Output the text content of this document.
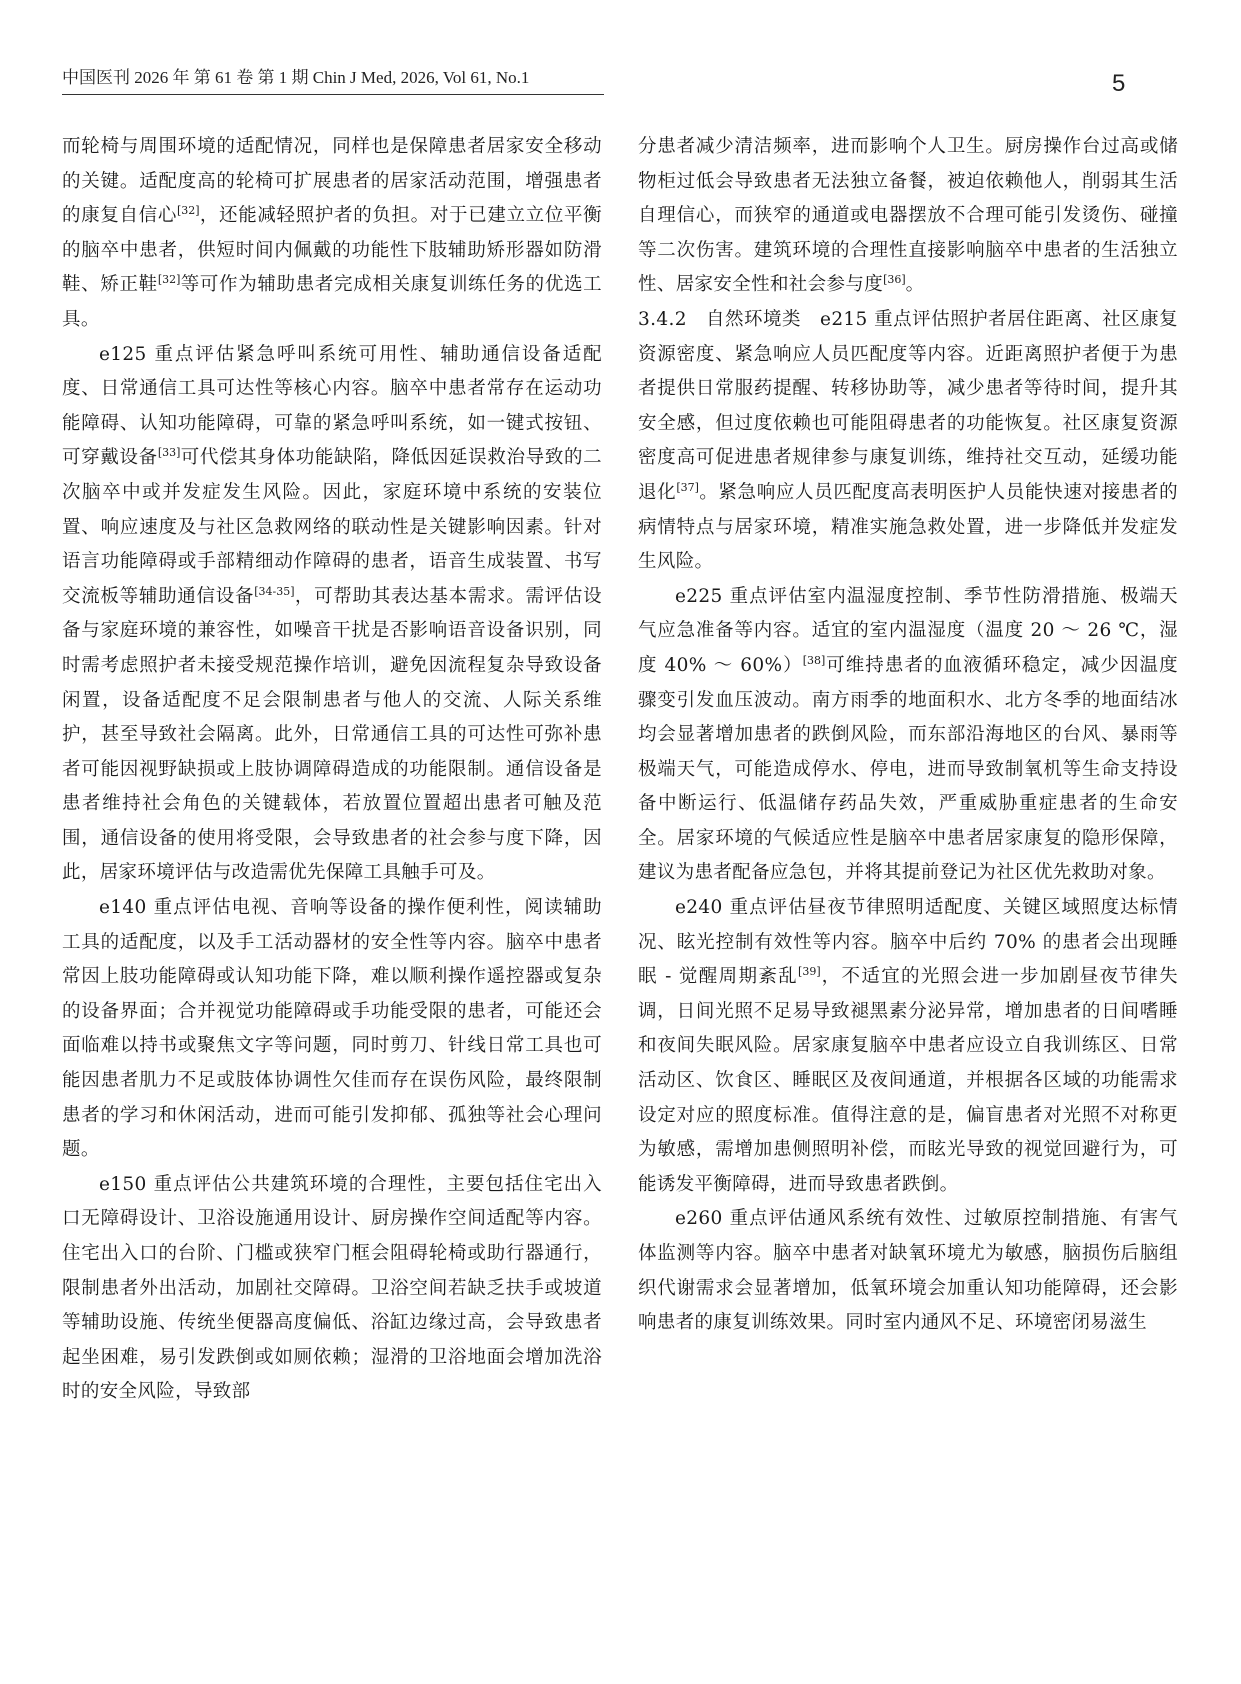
中国医刊 2026 年 第 61 卷 第 1 期 Chin J Med, 2026, Vol 61, No.1	5

而轮椅与周围环境的适配情况，同样也是保障患者居家安全移动的关键。适配度高的轮椅可扩展患者的居家活动范围，增强患者的康复自信心[32]，还能减轻照护者的负担。对于已建立立位平衡的脑卒中患者，供短时间内佩戴的功能性下肢辅助矫形器如防滑鞋、矫正鞋[32]等可作为辅助患者完成相关康复训练任务的优选工具。

e125 重点评估紧急呼叫系统可用性、辅助通信设备适配度、日常通信工具可达性等核心内容。脑卒中患者常存在运动功能障碍、认知功能障碍，可靠的紧急呼叫系统，如一键式按钮、可穿戴设备[33]可代偿其身体功能缺陷，降低因延误救治导致的二次脑卒中或并发症发生风险。因此，家庭环境中系统的安装位置、响应速度及与社区急救网络的联动性是关键影响因素。针对语言功能障碍或手部精细动作障碍的患者，语音生成装置、书写交流板等辅助通信设备[34-35]，可帮助其表达基本需求。需评估设备与家庭环境的兼容性，如噪音干扰是否影响语音设备识别，同时需考虑照护者未接受规范操作培训，避免因流程复杂导致设备闲置，设备适配度不足会限制患者与他人的交流、人际关系维护，甚至导致社会隔离。此外，日常通信工具的可达性可弥补患者可能因视野缺损或上肢协调障碍造成的功能限制。通信设备是患者维持社会角色的关键载体，若放置位置超出患者可触及范围，通信设备的使用将受限，会导致患者的社会参与度下降，因此，居家环境评估与改造需优先保障工具触手可及。

e140 重点评估电视、音响等设备的操作便利性，阅读辅助工具的适配度，以及手工活动器材的安全性等内容。脑卒中患者常因上肢功能障碍或认知功能下降，难以顺利操作遥控器或复杂的设备界面；合并视觉功能障碍或手功能受限的患者，可能还会面临难以持书或聚焦文字等问题，同时剪刀、针线日常工具也可能因患者肌力不足或肢体协调性欠佳而存在误伤风险，最终限制患者的学习和休闲活动，进而可能引发抑郁、孤独等社会心理问题。

e150 重点评估公共建筑环境的合理性，主要包括住宅出入口无障碍设计、卫浴设施通用设计、厨房操作空间适配等内容。住宅出入口的台阶、门槛或狭窄门框会阻碍轮椅或助行器通行，限制患者外出活动，加剧社交障碍。卫浴空间若缺乏扶手或坡道等辅助设施、传统坐便器高度偏低、浴缸边缘过高，会导致患者起坐困难，易引发跌倒或如厕依赖；湿滑的卫浴地面会增加洗浴时的安全风险，导致部

分患者减少清洁频率，进而影响个人卫生。厨房操作台过高或储物柜过低会导致患者无法独立备餐，被迫依赖他人，削弱其生活自理信心，而狭窄的通道或电器摆放不合理可能引发烫伤、碰撞等二次伤害。建筑环境的合理性直接影响脑卒中患者的生活独立性、居家安全性和社会参与度[36]。

3.4.2　自然环境类　e215 重点评估照护者居住距离、社区康复资源密度、紧急响应人员匹配度等内容。近距离照护者便于为患者提供日常服药提醒、转移协助等，减少患者等待时间，提升其安全感，但过度依赖也可能阻碍患者的功能恢复。社区康复资源密度高可促进患者规律参与康复训练，维持社交互动，延缓功能退化[37]。紧急响应人员匹配度高表明医护人员能快速对接患者的病情特点与居家环境，精准实施急救处置，进一步降低并发症发生风险。

e225 重点评估室内温湿度控制、季节性防滑措施、极端天气应急准备等内容。适宜的室内温湿度（温度 20 ～ 26 ℃，湿度 40% ～ 60%）[38]可维持患者的血液循环稳定，减少因温度骤变引发血压波动。南方雨季的地面积水、北方冬季的地面结冰均会显著增加患者的跌倒风险，而东部沿海地区的台风、暴雨等极端天气，可能造成停水、停电，进而导致制氧机等生命支持设备中断运行、低温储存药品失效，严重威胁重症患者的生命安全。居家环境的气候适应性是脑卒中患者居家康复的隐形保障，建议为患者配备应急包，并将其提前登记为社区优先救助对象。

e240 重点评估昼夜节律照明适配度、关键区域照度达标情况、眩光控制有效性等内容。脑卒中后约 70% 的患者会出现睡眠 - 觉醒周期紊乱[39]，不适宜的光照会进一步加剧昼夜节律失调，日间光照不足易导致褪黑素分泌异常，增加患者的日间嗜睡和夜间失眠风险。居家康复脑卒中患者应设立自我训练区、日常活动区、饮食区、睡眠区及夜间通道，并根据各区域的功能需求设定对应的照度标准。值得注意的是，偏盲患者对光照不对称更为敏感，需增加患侧照明补偿，而眩光导致的视觉回避行为，可能诱发平衡障碍，进而导致患者跌倒。

e260 重点评估通风系统有效性、过敏原控制措施、有害气体监测等内容。脑卒中患者对缺氧环境尤为敏感，脑损伤后脑组织代谢需求会显著增加，低氧环境会加重认知功能障碍，还会影响患者的康复训练效果。同时室内通风不足、环境密闭易滋生
